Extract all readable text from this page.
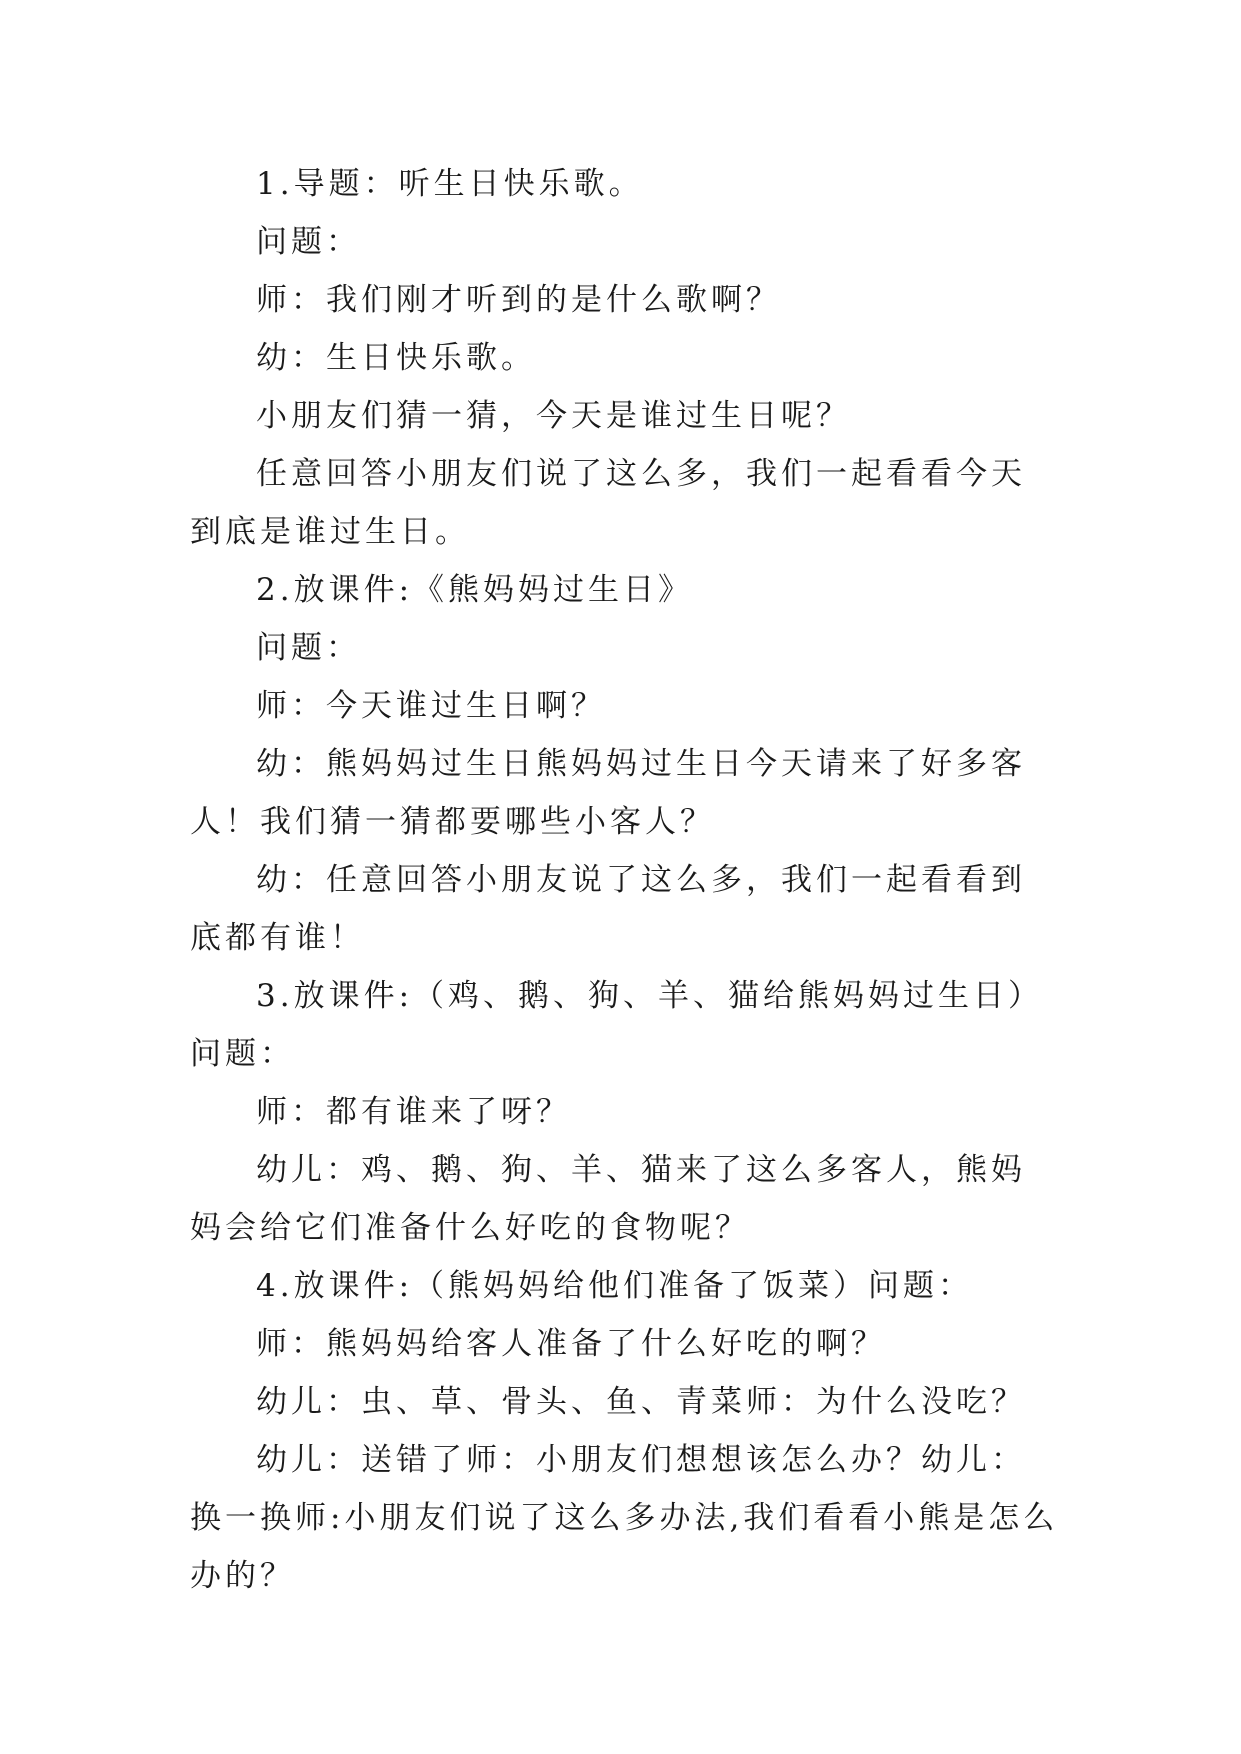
1.导题：听生日快乐歌。

问题：

师：我们刚才听到的是什么歌啊？

幼：生日快乐歌。

小朋友们猜一猜，今天是谁过生日呢？

任意回答小朋友们说了这么多，我们一起看看今天到底是谁过生日。

2.放课件:《熊妈妈过生日》

问题：

师：今天谁过生日啊？

幼：熊妈妈过生日熊妈妈过生日今天请来了好多客人！我们猜一猜都要哪些小客人？

幼：任意回答小朋友说了这么多，我们一起看看到底都有谁！

3.放课件:（鸡、鹅、狗、羊、猫给熊妈妈过生日）问题：

师：都有谁来了呀？

幼儿：鸡、鹅、狗、羊、猫来了这么多客人，熊妈妈会给它们准备什么好吃的食物呢？

4.放课件:（熊妈妈给他们准备了饭菜）问题：

师：熊妈妈给客人准备了什么好吃的啊？

幼儿：虫、草、骨头、鱼、青菜师：为什么没吃？

幼儿：送错了师：小朋友们想想该怎么办？幼儿：换一换师:小朋友们说了这么多办法,我们看看小熊是怎么办的？
